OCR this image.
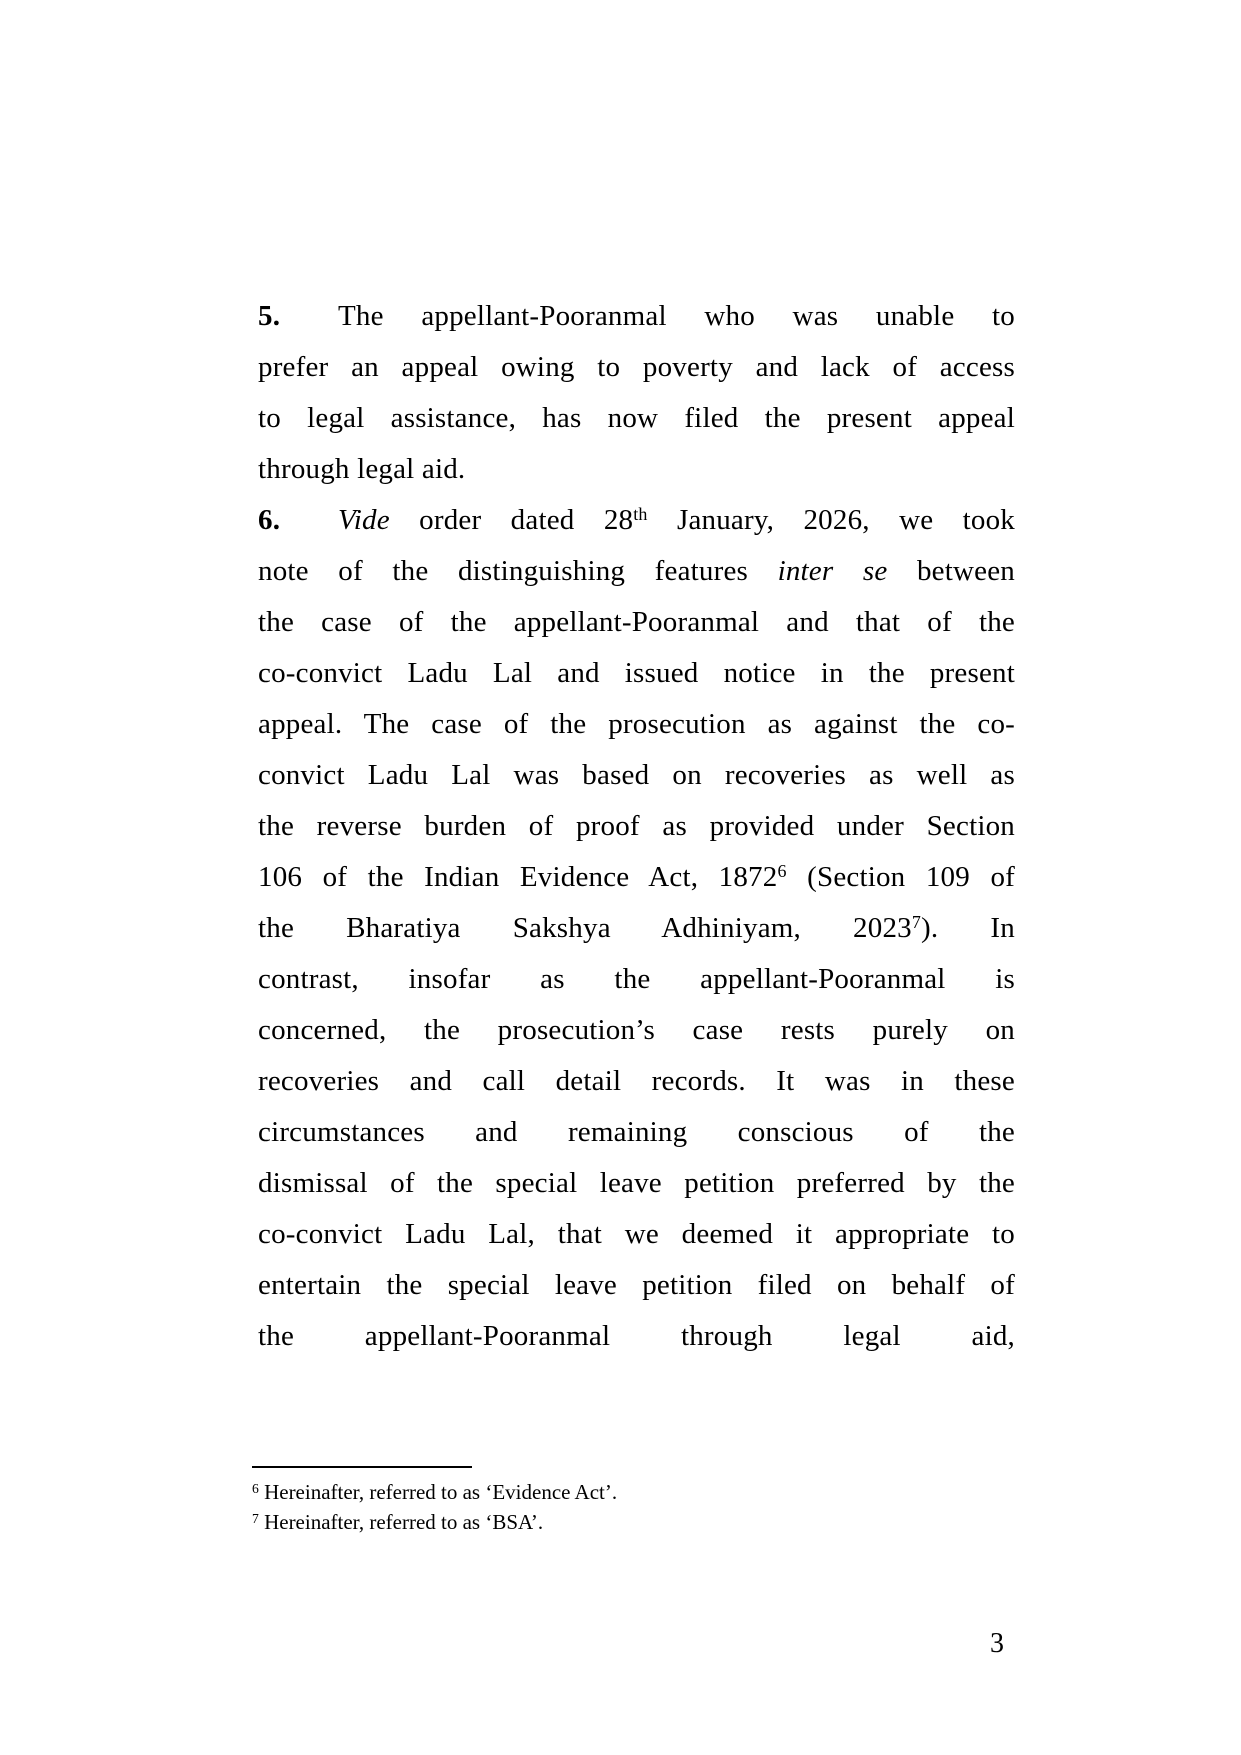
5. The appellant-Pooranmal who was unable to
prefer an appeal owing to poverty and lack of access
to legal assistance, has now filed the present appeal
through legal aid.
6. Vide order dated 28th January, 2026, we took
note of the distinguishing features inter se between
the case of the appellant-Pooranmal and that of the
co-convict Ladu Lal and issued notice in the present
appeal. The case of the prosecution as against the co-
convict Ladu Lal was based on recoveries as well as
the reverse burden of proof as provided under Section
106 of the Indian Evidence Act, 1872$^6$ (Section 109 of
the Bharatiya Sakshya Adhiniyam, 2023$^7$). In
contrast, insofar as the appellant-Pooranmal is
concerned, the prosecution’s case rests purely on
recoveries and call detail records. It was in these
circumstances and remaining conscious of the
dismissal of the special leave petition preferred by the
co-convict Ladu Lal, that we deemed it appropriate to
entertain the special leave petition filed on behalf of
the appellant-Pooranmal through legal aid,
$^6$ Hereinafter, referred to as ‘Evidence Act’.
$^7$ Hereinafter, referred to as ‘BSA’.
3
